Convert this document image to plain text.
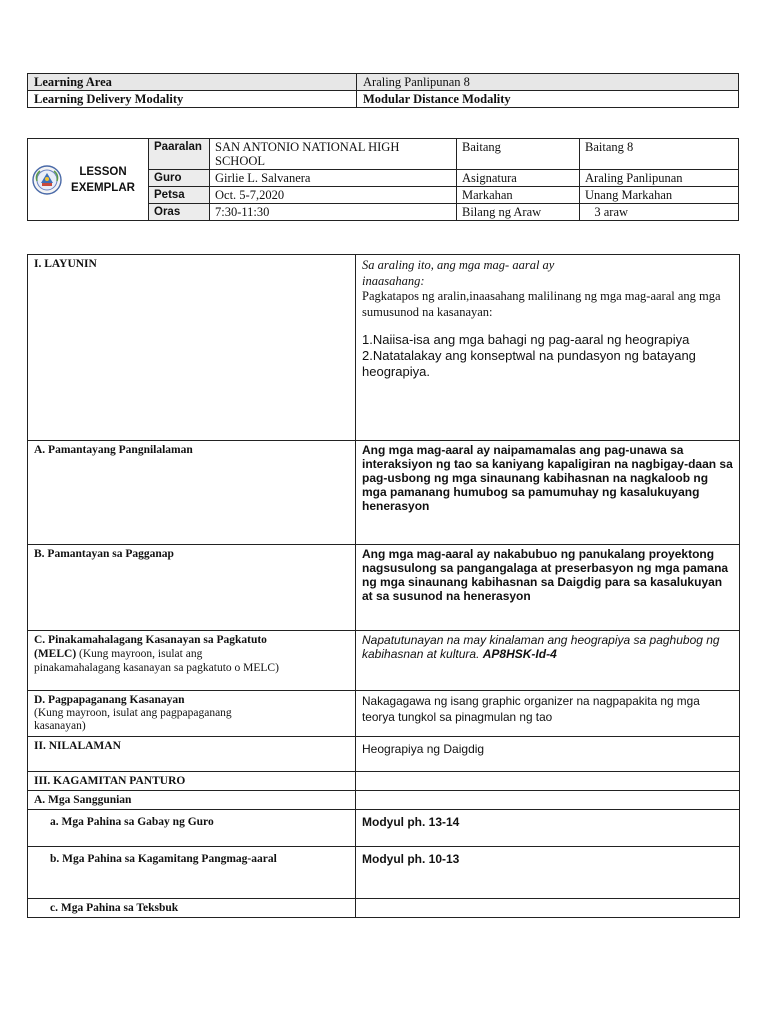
Learning Area	Araling Panlipunan 8
Learning Delivery Modality	Modular Distance Modality
LESSON
EXEMPLAR	Paaralan	SAN ANTONIO NATIONAL HIGH SCHOOL	Baitang	Baitang 8
	Guro	Girlie L. Salvanera	Asignatura	Araling Panlipunan
	Petsa	Oct. 5-7,2020	Markahan	Unang Markahan
	Oras	7:30-11:30	Bilang ng Araw	3 araw
I. LAYUNIN	Sa araling ito, ang mga mag- aaral ay inaasahang:
Pagkatapos ng aralin,inaasahang malilinang ng mga mag-aaral ang mga sumusunod na kasanayan:
1.Naiisa-isa ang mga bahagi ng pag-aaral ng heograpiya
2.Natatalakay ang konseptwal na pundasyon ng batayang heograpiya.

A. Pamantayang Pangnilalaman	Ang mga mag-aaral ay naipamamalas ang pag-unawa sa interaksiyon ng tao sa kaniyang kapaligiran na nagbigay-daan sa pag-usbong ng mga sinaunang kabihasnan na nagkaloob ng mga pamanang humubog sa pamumuhay ng kasalukuyang henerasyon
B. Pamantayan sa Pagganap	Ang mga mag-aaral ay nakabubuo ng panukalang proyektong nagsusulong sa pangangalaga at preserbasyon ng mga pamana ng mga sinaunang kabihasnan sa Daigdig para sa kasalukuyan at sa susunod na henerasyon

C. Pinakamahalagang Kasanayan sa Pagkatuto (MELC) (Kung mayroon, isulat ang pinakamahalagang kasanayan sa pagkatuto o MELC)	Napatutunayan na may kinalaman ang heograpiya sa paghubog ng kabihasnan at kultura. AP8HSK-Id-4

D. Pagpapaganang Kasanayan
(Kung mayroon, isulat ang pagpapaganang kasanayan)	Nakagagawa ng isang graphic organizer na nagpapakita ng mga teorya tungkol sa pinagmulan ng tao
II. NILALAMAN	Heograpiya ng Daigdig
III. KAGAMITAN PANTURO	
A. Mga Sanggunian	
a. Mga Pahina sa Gabay ng Guro	Modyul ph. 13-14
b. Mga Pahina sa Kagamitang Pangmag-aaral	Modyul ph. 10-13
c. Mga Pahina sa Teksbuk	
